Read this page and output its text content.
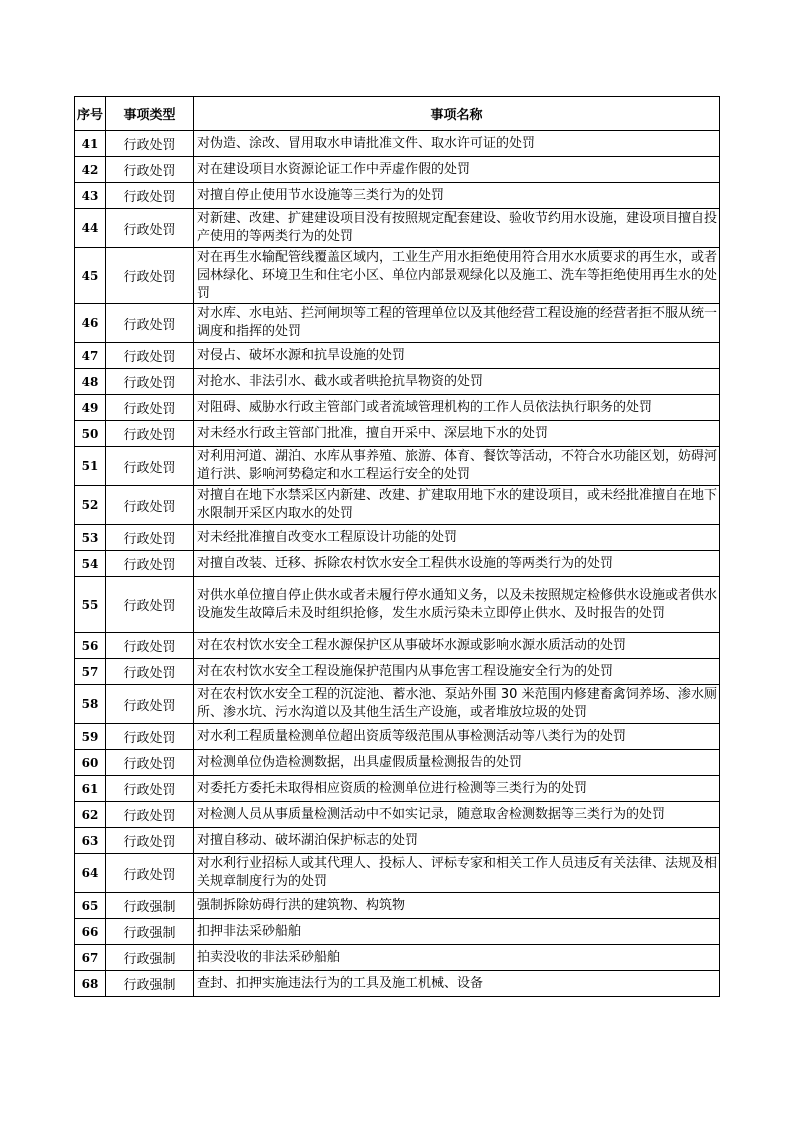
序号	事项类型	事项名称
41	行政处罚	对伪造、涂改、冒用取水申请批准文件、取水许可证的处罚
42	行政处罚	对在建设项目水资源论证工作中弄虚作假的处罚
43	行政处罚	对擅自停止使用节水设施等三类行为的处罚
44	行政处罚	对新建、改建、扩建建设项目没有按照规定配套建设、验收节约用水设施，建设项目擅自投产使用的等两类行为的处罚
45	行政处罚	对在再生水输配管线覆盖区域内，工业生产用水拒绝使用符合用水水质要求的再生水，或者园林绿化、环境卫生和住宅小区、单位内部景观绿化以及施工、洗车等拒绝使用再生水的处罚
46	行政处罚	对水库、水电站、拦河闸坝等工程的管理单位以及其他经营工程设施的经营者拒不服从统一调度和指挥的处罚
47	行政处罚	对侵占、破坏水源和抗旱设施的处罚
48	行政处罚	对抢水、非法引水、截水或者哄抢抗旱物资的处罚
49	行政处罚	对阻碍、威胁水行政主管部门或者流域管理机构的工作人员依法执行职务的处罚
50	行政处罚	对未经水行政主管部门批准，擅自开采中、深层地下水的处罚
51	行政处罚	对利用河道、湖泊、水库从事养殖、旅游、体育、餐饮等活动，不符合水功能区划，妨碍河道行洪、影响河势稳定和水工程运行安全的处罚
52	行政处罚	对擅自在地下水禁采区内新建、改建、扩建取用地下水的建设项目，或未经批准擅自在地下水限制开采区内取水的处罚
53	行政处罚	对未经批准擅自改变水工程原设计功能的处罚
54	行政处罚	对擅自改装、迁移、拆除农村饮水安全工程供水设施的等两类行为的处罚
55	行政处罚	对供水单位擅自停止供水或者未履行停水通知义务，以及未按照规定检修供水设施或者供水设施发生故障后未及时组织抢修，发生水质污染未立即停止供水、及时报告的处罚
56	行政处罚	对在农村饮水安全工程水源保护区从事破坏水源或影响水源水质活动的处罚
57	行政处罚	对在农村饮水安全工程设施保护范围内从事危害工程设施安全行为的处罚
58	行政处罚	对在农村饮水安全工程的沉淀池、蓄水池、泵站外围 30 米范围内修建畜禽饲养场、渗水厕所、渗水坑、污水沟道以及其他生活生产设施，或者堆放垃圾的处罚
59	行政处罚	对水利工程质量检测单位超出资质等级范围从事检测活动等八类行为的处罚
60	行政处罚	对检测单位伪造检测数据，出具虚假质量检测报告的处罚
61	行政处罚	对委托方委托未取得相应资质的检测单位进行检测等三类行为的处罚
62	行政处罚	对检测人员从事质量检测活动中不如实记录，随意取舍检测数据等三类行为的处罚
63	行政处罚	对擅自移动、破坏湖泊保护标志的处罚
64	行政处罚	对水利行业招标人或其代理人、投标人、评标专家和相关工作人员违反有关法律、法规及相关规章制度行为的处罚
65	行政强制	强制拆除妨碍行洪的建筑物、构筑物
66	行政强制	扣押非法采砂船舶
67	行政强制	拍卖没收的非法采砂船舶
68	行政强制	查封、扣押实施违法行为的工具及施工机械、设备
